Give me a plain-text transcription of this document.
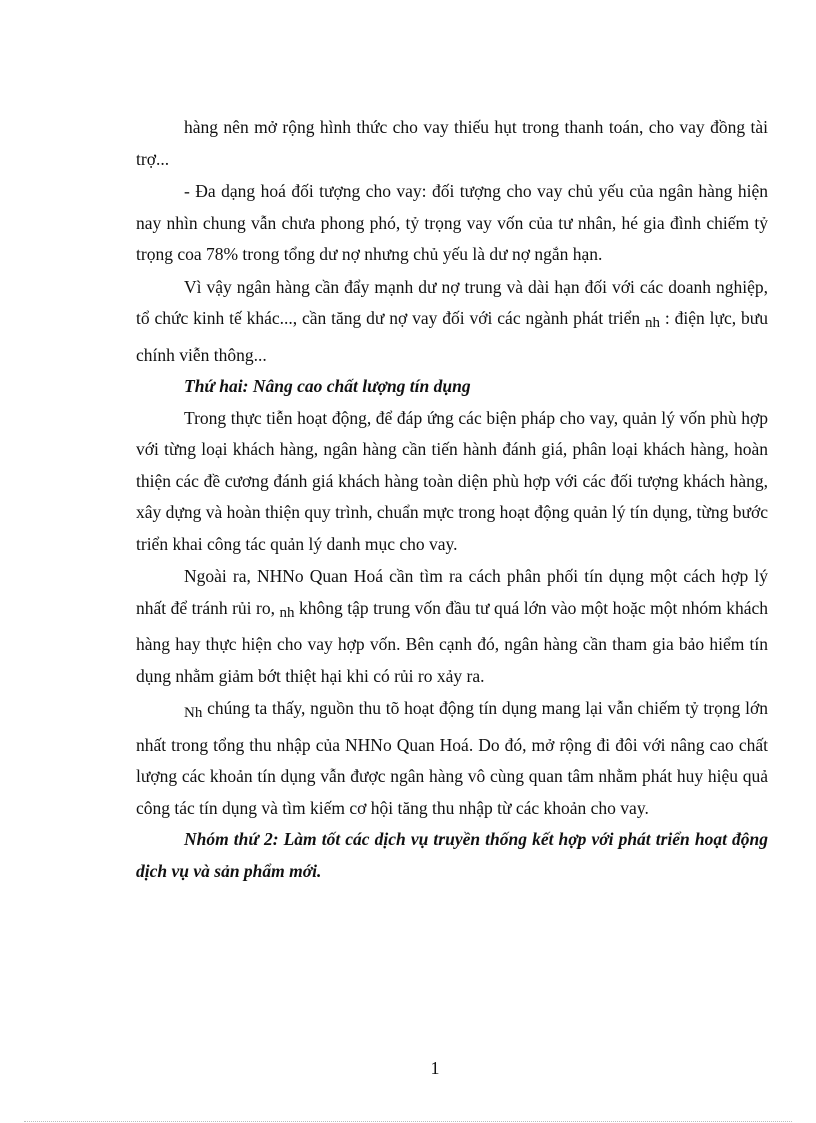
hàng nên mở rộng hình thức cho vay thiếu hụt trong thanh toán, cho vay đồng tài trợ...

- Đa dạng hoá đối tượng cho vay: đối tượng cho vay chủ yếu của ngân hàng hiện nay nhìn chung vẫn chưa phong phó, tỷ trọng vay vốn của tư nhân, hé gia đình chiếm tỷ trọng coa 78% trong tổng dư nợ nhưng chủ yếu là dư nợ ngắn hạn.

Vì vậy ngân hàng cần đẩy mạnh dư nợ trung và dài hạn đối với các doanh nghiệp, tổ chức kinh tế khác..., cần tăng dư nợ vay đối với các ngành phát triển nh : điện lực, bưu chính viễn thông...

Thứ hai: Nâng cao chất lượng tín dụng

Trong thực tiễn hoạt động, để đáp ứng các biện pháp cho vay, quản lý vốn phù hợp với từng loại khách hàng, ngân hàng cần tiến hành đánh giá, phân loại khách hàng, hoàn thiện các đề cương đánh giá khách hàng toàn diện phù hợp với các đối tượng khách hàng, xây dựng và hoàn thiện quy trình, chuẩn mực trong hoạt động quản lý tín dụng, từng bước triển khai công tác quản lý danh mục cho vay.

Ngoài ra, NHNo Quan Hoá cần tìm ra cách phân phối tín dụng một cách hợp lý nhất để tránh rủi ro, nh không tập trung vốn đầu tư quá lớn vào một hoặc một nhóm khách hàng hay thực hiện cho vay hợp vốn. Bên cạnh đó, ngân hàng cần tham gia bảo hiểm tín dụng nhằm giảm bớt thiệt hại khi có rủi ro xảy ra.

Nh chúng ta thấy, nguồn thu tõ hoạt động tín dụng mang lại vẫn chiếm tỷ trọng lớn nhất trong tổng thu nhập của NHNo Quan Hoá. Do đó, mở rộng đi đôi với nâng cao chất lượng các khoản tín dụng vẫn được ngân hàng vô cùng quan tâm nhằm phát huy hiệu quả công tác tín dụng và tìm kiếm cơ hội tăng thu nhập từ các khoản cho vay.

Nhóm thứ 2: Làm tốt các dịch vụ truyền thống kết hợp với phát triển hoạt động dịch vụ và sản phẩm mới.

1
